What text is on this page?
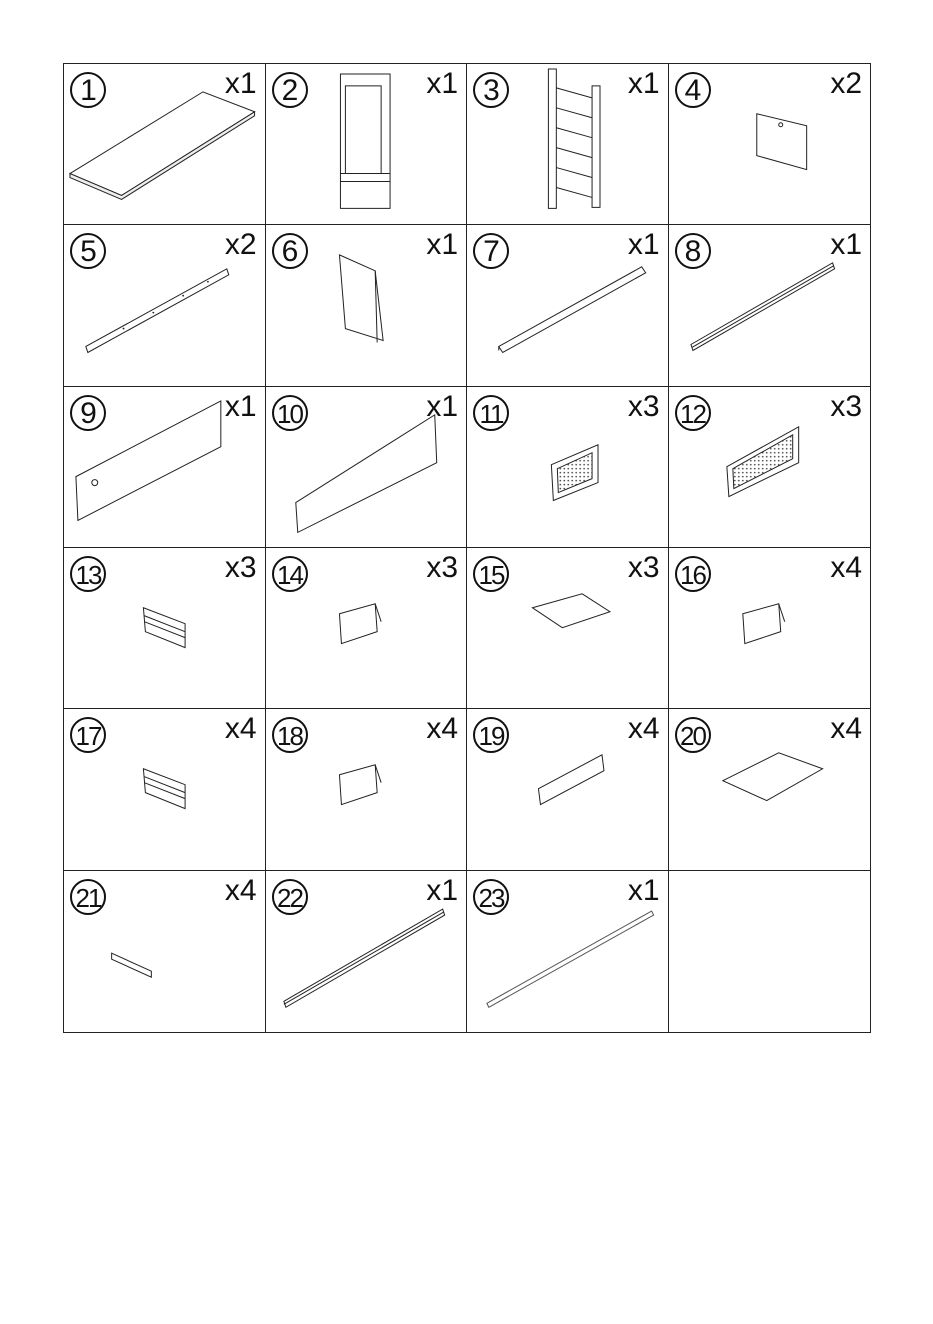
1	x1 2	x1 3	x1 4	x2
5	x2 6	x1 7	x1 8	x1
9	x1 10	x1 11	x3 12	x3
13	x3 14	x3 15	x3 16	x4
17	x4 18	x4 19	x4 20	x4
21	x4 22	x1 23	x1
